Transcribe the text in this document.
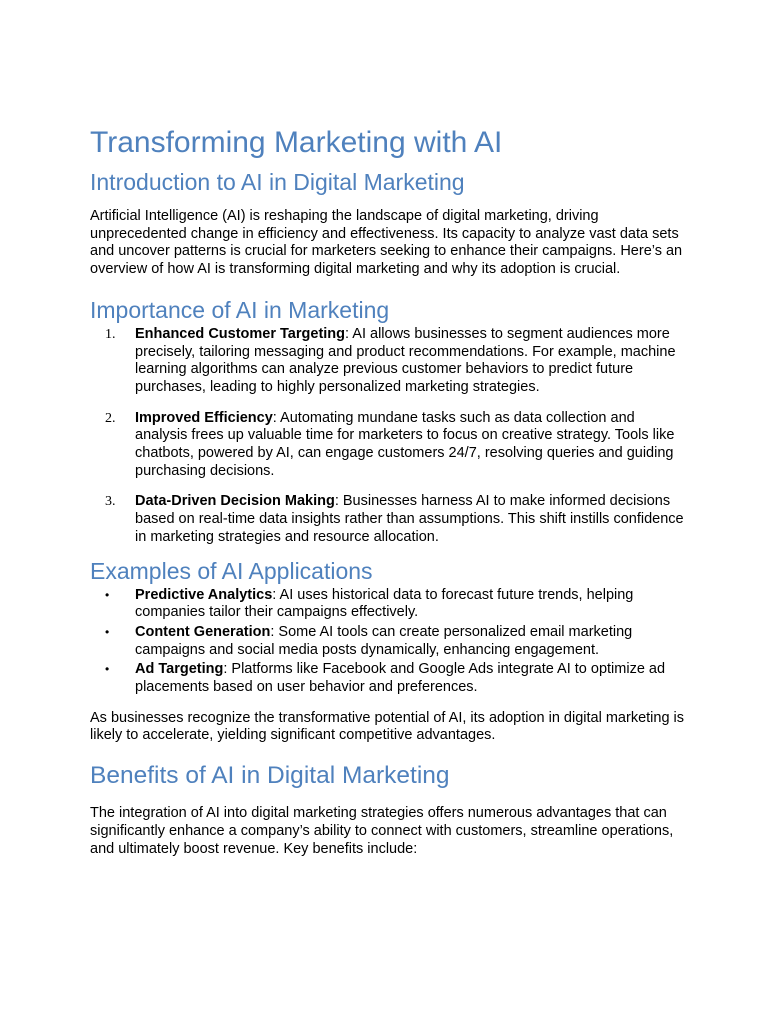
Transforming Marketing with AI
Introduction to AI in Digital Marketing

Artificial Intelligence (AI) is reshaping the landscape of digital marketing, driving unprecedented change in efficiency and effectiveness. Its capacity to analyze vast data sets and uncover patterns is crucial for marketers seeking to enhance their campaigns. Here’s an overview of how AI is transforming digital marketing and why its adoption is crucial.

Importance of AI in Marketing
1. Enhanced Customer Targeting: AI allows businesses to segment audiences more precisely, tailoring messaging and product recommendations. For example, machine learning algorithms can analyze previous customer behaviors to predict future purchases, leading to highly personalized marketing strategies.

2. Improved Efficiency: Automating mundane tasks such as data collection and analysis frees up valuable time for marketers to focus on creative strategy. Tools like chatbots, powered by AI, can engage customers 24/7, resolving queries and guiding purchasing decisions.

3. Data-Driven Decision Making: Businesses harness AI to make informed decisions based on real-time data insights rather than assumptions. This shift instills confidence in marketing strategies and resource allocation.

Examples of AI Applications
• Predictive Analytics: AI uses historical data to forecast future trends, helping companies tailor their campaigns effectively.

• Content Generation: Some AI tools can create personalized email marketing campaigns and social media posts dynamically, enhancing engagement.

• Ad Targeting: Platforms like Facebook and Google Ads integrate AI to optimize ad placements based on user behavior and preferences.

As businesses recognize the transformative potential of AI, its adoption in digital marketing is likely to accelerate, yielding significant competitive advantages.

Benefits of AI in Digital Marketing

The integration of AI into digital marketing strategies offers numerous advantages that can significantly enhance a company’s ability to connect with customers, streamline operations, and ultimately boost revenue. Key benefits include:
